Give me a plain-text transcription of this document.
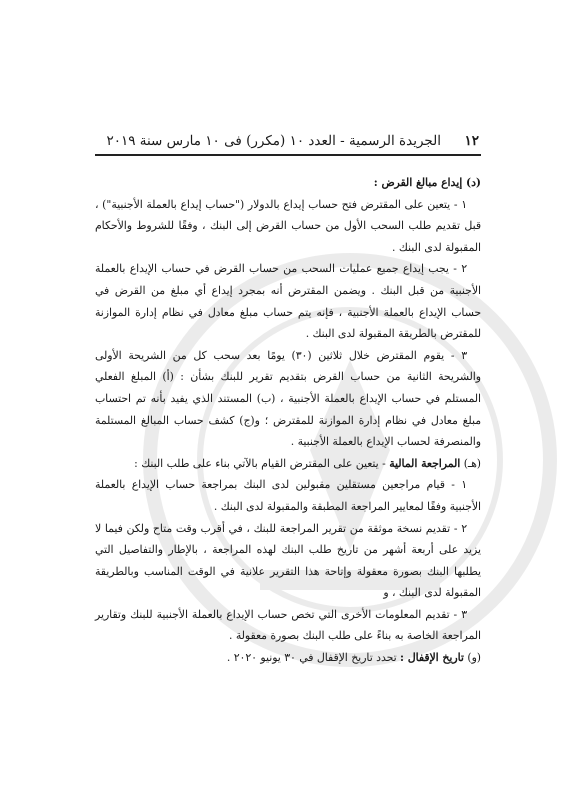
١٢
الجريدة الرسمية - العدد ١٠ (مكرر) فى ١٠ مارس سنة ٢٠١٩

(د) إيداع مبالغ القرض :

١ - يتعين على المقترض فتح حساب إيداع بالدولار ("حساب إيداع بالعملة الأجنبية") ، قبل تقديم طلب السحب الأول من حساب القرض إلى البنك ، وفقًا للشروط والأحكام المقبولة لدى البنك .

٢ - يجب إيداع جميع عمليات السحب من حساب القرض في حساب الإيداع بالعملة الأجنبية من قبل البنك . ويضمن المقترض أنه بمجرد إيداع أي مبلغ من القرض في حساب الإيداع بالعملة الأجنبية ، فإنه يتم حساب مبلغ معادل في نظام إدارة الموازنة للمقترض بالطريقة المقبولة لدى البنك .

٣ - يقوم المقترض خلال ثلاثين (٣٠) يومًا بعد سحب كل من الشريحة الأولى والشريحة الثانية من حساب القرض بتقديم تقرير للبنك بشأن : (أ) المبلغ الفعلي المستلم في حساب الإيداع بالعملة الأجنبية ، (ب) المستند الذي يفيد بأنه تم احتساب مبلغ معادل في نظام إدارة الموازنة للمقترض ؛ و(ج) كشف حساب المبالغ المستلمة والمنصرفة لحساب الإيداع بالعملة الأجنبية .

(هـ) المراجعة المالية - يتعين على المقترض القيام بالآتي بناء على طلب البنك :

١ - قيام مراجعين مستقلين مقبولين لدى البنك بمراجعة حساب الإيداع بالعملة الأجنبية وفقًا لمعايير المراجعة المطبقة والمقبولة لدى البنك .

٢ - تقديم نسخة موثقة من تقرير المراجعة للبنك ، في أقرب وقت متاح ولكن فيما لا يزيد على أربعة أشهر من تاريخ طلب البنك لهذه المراجعة ، بالإطار والتفاصيل التي يطلبها البنك بصورة معقولة وإتاحة هذا التقرير علانية في الوقت المناسب وبالطريقة المقبولة لدى البنك ، و

٣ - تقديم المعلومات الأخرى التي تخص حساب الإيداع بالعملة الأجنبية للبنك وتقارير المراجعة الخاصة به بناءً على طلب البنك بصورة معقولة .

(و) تاريخ الإقفال : تحدد تاريخ الإقفال في ٣٠ يونيو ٢٠٢٠ .
